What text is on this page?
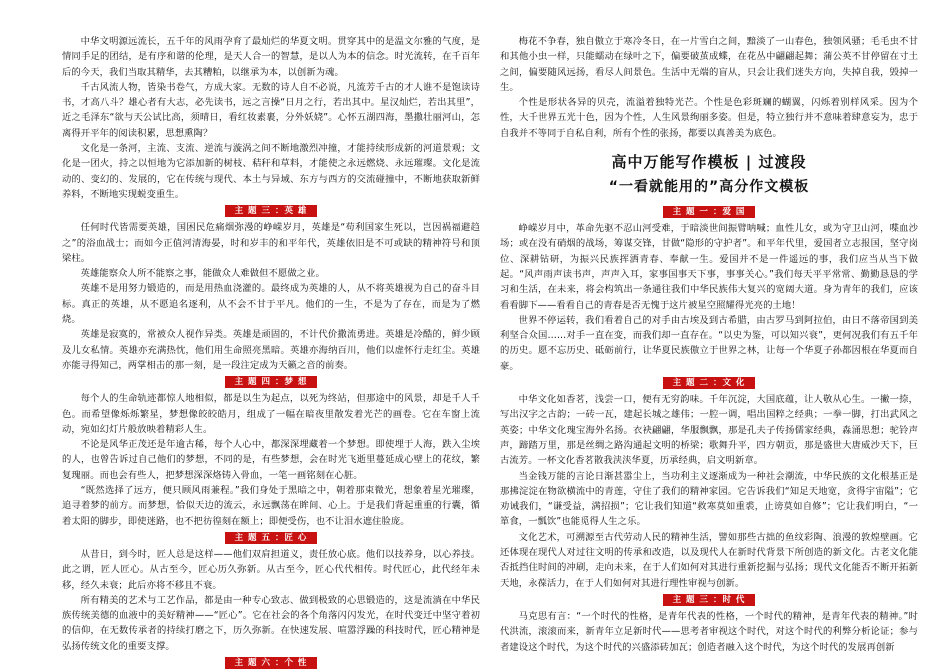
中华文明源远流长，五千年的风雨孕育了最灿烂的华夏文明。贯穿其中的是温文尔雅的气度，是情同手足的团结，是有序和谐的伦理，是天人合一的智慧，是以人为本的信念。时光流转，在千百年后的今天，我们当取其精华，去其糟粕，以继承为本，以创新为魂。

千古风流人物，皆染书卷气，方成大家。无数的诗人自不必说，凡流芳千古的才人谁不是饱读诗书，才高八斗？雄心者有大志，必先读书，远之言操“日月之行，若出其中。星汉灿烂，若出其里”，近之毛泽东“欲与天公试比高，须晴日，看红妆素裹，分外妖娆”。心怀五湖四海，墨撒壮丽河山，怎离得开平年的阅读积累，思想熏陶？

文化是一条河，主流、支流、逆流与漩涡之间不断地激烈冲撞，才能持续形成新的河道景观；文化是一团火，持之以恒地为它添加新的树枝、秸秆和草料，才能使之永远燃烧、永远璀璨。文化是流动的、变幻的、发展的，它在传统与现代、本土与异域、东方与西方的交流碰撞中，不断地获取新鲜养料，不断地实现蜕变重生。

主 题 三 ：英 雄

任何时代皆需要英雄，国困民危痛烟弥漫的峥嵘岁月，英雄是“苟利国家生死以，岂因祸福避趋之”的浴血战士；而如今正值河清海晏，时和岁丰的和平年代，英雄依旧是不可或缺的精神符号和顶梁柱。

英雄能察众人所不能察之事，能做众人难做但不愿做之业。

英雄不是用努力锻造的，而是用热血浇灌的。最终成为英雄的人，从不将英雄视为自己的奋斗目标。真正的英雄，从不愿追名逐利，从不会不甘于平凡。他们的一生，不是为了存在，而是为了燃烧。

英雄是寂寞的，常被众人视作异类。英雄是顽固的，不计代价撒流勇进。英雄是冷酷的，鲜少顾及儿女私情。英雄亦充满热忱，他们用生命照亮黑暗。英雄亦海纳百川，他们以虚怀行走红尘。英雄亦能寻得知己，两掌相击的那一刻，是一段注定成为天籁之音的前奏。

主 题 四 ：梦 想

每个人的生命轨迹都惊人地相似，都是以生为起点，以死为终站，但那途中的风景，却是千人千色。而希望像烁烁繁星，梦想像皎皎皓月，组成了一幅在暗夜里散发着光芒的画卷。它在车窗上流动，宛如幻灯片般放映着精彩人生。

不论是风华正茂还是年逾古稀，每个人心中，都深深埋藏着一个梦想。即使埋于人海，跌入尘埃的人，也曾告诉过自己他们的梦想，不同的是，有些梦想，会在时光飞逝里蔓延成心壁上的花纹，繁复瑰丽。而也会有些人，把梦想深深烙铸入骨血，一笔一画铭刻在心脏。

“既然选择了远方，便只顾风雨兼程。”我们身处于黑暗之中，朝着那束微光，想象着星光璀璨，追寻着梦的前方。而梦想，恰似天边的流云，永远飘荡在眸间、心上。于是我们背起重重的行囊，循着太阳的脚步，即使迷路，也不把彷徨刻在额上；即便受伤，也不让泪水遮住脸庞。

主 题 五 ：匠 心

从昔日，到今时，匠人总是这样——他们双肩担道义，责任放心底。他们以技养身，以心养技。此之谓，匠人匠心。从古至今，匠心历久弥新。从古至今，匠心代代相传。时代匠心，此代经年未移，经久未衰；此后亦将不移且不衰。

所有精美的艺术与工艺作品，都是由一种专心致志、做到极致的心思锻造的，这是流淌在中华民族传统美德的血液中的美好精神——“匠心”。它在社会的各个角落闪闪发光，在时代变迁中坚守着初的信仰，在无数传承者的持续打磨之下，历久弥新。在快速发展、喧嚣浮躁的科技时代，匠心精神是弘扬传统文化的重要支撑。

主 题 六 ：个 性

梅花不争春，独自傲立于寒冷冬日，在一片雪白之间，黯淡了一山春色，独领风骚；毛毛虫不甘和其他小虫一样，只能蠕动在绿叶之下，偏要破茧成蝶，在花丛中翩翩起舞；蒲公英不甘停留在寸土之间，偏要随风远扬，看尽人间景色。生活中无端的盲从，只会让我们迷失方向，失掉自我，毁掉一生。

个性是形状各异的贝壳，流溢着独特光芒。个性是色彩斑斓的蝴翼，闪烁着别样风采。因为个性，大千世界五光十色，因为个性，人生风景绚丽多姿。但是，特立独行并不意味着肆意妄为，忠于自我并不等同于自私自利，所有个性的张扬，都要以真善美为底色。

高中万能写作模板 | 过渡段
“一看就能用的”高分作文模板
主 题 一 ：爱 国

峥嵘岁月中，革命先驱不忍山河受难，于暗淡世间振臂呐喊；血性儿女，或为守卫山河，喋血沙场；或在没有硝烟的战场，筹谋交锋，甘做“隐形的守护者”。和平年代里，爱国者立志报国，坚守岗位、深耕钻研，为振兴民族挥洒青春、奉献一生。爱国并不是一件遥远的事，我们应当从当下做起。“风声雨声读书声，声声入耳，家事国事天下事，事事关心。”我们每天平平常常、勤勤恳恳的学习和生活，在未来，将会构筑出一条通往我们中华民族伟大复兴的宽阔大道。身为青年的我们，应该看看脚下——看看自己的青春是否无愧于这片被星空照耀得光亮的土地！

世界不停运转，我们看着自己的对手由古埃及到古希腊，由古罗马到阿拉伯，由日不落帝国到美利坚合众国……对手一直在变，而我们却一直存在。“以史为鉴，可以知兴衰”，更何况我们有五千年的历史。愿不忘历史、砥砺前行，让华夏民族傲立于世界之林，让每一个华夏子孙都因根在华夏而自豪。

主 题 二 ：文 化

中华文化如香茗，浅尝一口，便有无穷韵味。千年沉淀，大国底蕴，让人敬从心生。一撇一捺，写出汉字之古韵；一砖一瓦，建起长城之雄伟；一腔一调，唱出国粹之经典；一拳一脚，打出武风之英姿；中华文化瑰宝海外名扬。衣袂翩翩，华服飘飘，那是孔夫子传扬儒家经典，淼涌思想；驼铃声声，蹄踏万里，那是丝绸之路沟通起文明的桥梁；歌舞升平，四方朝贡，那是盛世大唐威沙天下，巨古流芳。一杯文化香茗散我浃浃华夏，历承经典，启文明新章。

当金钱万能的言论日渐甚嚣尘上，当功利主义逐渐成为一种社会潮流，中华民族的文化根基正是那拂淀淀在物欲横流中的青莲，守住了我们的精神家园。它告诉我们“知足天地宽，贪得宇宙隘”；它劝诫我们，“谦受益，满招损”；它让我们知道“救寒莫如重裘，止谤莫如自修”；它让我们明白，“一箪食，一瓢饮”也能觅得人生之乐。

文化艺术，可溯源至古代劳动人民的精神生活，譬如那些古拙的鱼纹彩陶、浪漫的敦煌壁画。它还体现在现代人对过往文明的传承和改造，以及现代人在新时代背景下所创造的新文化。古老文化能否抵挡住时间的冲刷，走向未来，在于人们如何对其进行重新挖掘与弘扬；现代文化能否不断开拓新天地，永葆活力，在于人们如何对其进行理性审视与创新。

主 题 三 ：时 代

马克思有言：“一个时代的性格，是青年代表的性格，一个时代的精神，是青年代表的精神。”时代洪流，滚滚而来，新青年立足新时代——思考者审视这个时代，对这个时代的利弊分析论证；参与者建设这个时代，为这个时代的兴盛添砖加瓦；创造者融入这个时代，为这个时代的发展再创新
